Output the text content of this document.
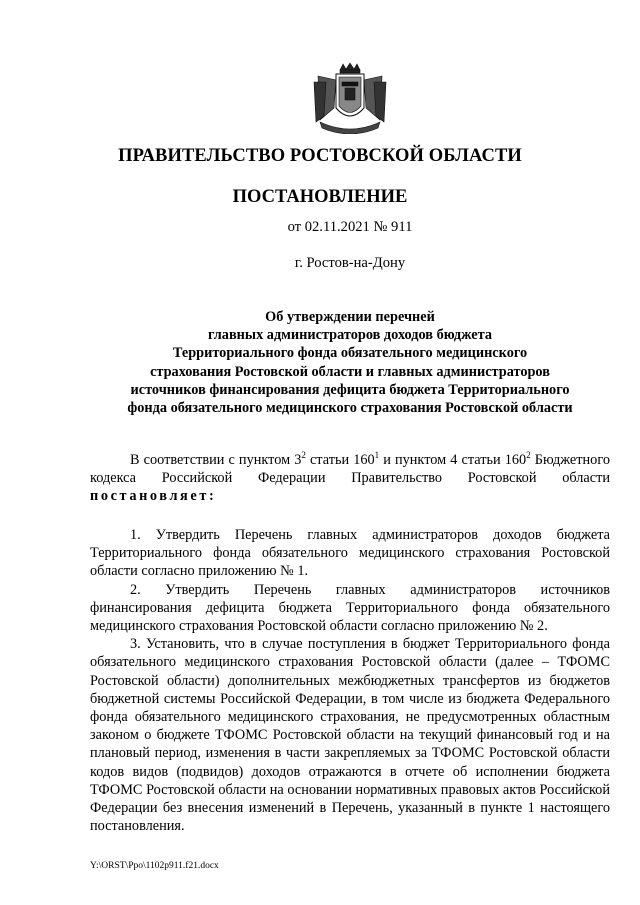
ПРАВИТЕЛЬСТВО РОСТОВСКОЙ ОБЛАСТИ
ПОСТАНОВЛЕНИЕ
от 02.11.2021 № 911
г. Ростов-на-Дону
Об утверждении перечней
главных администраторов доходов бюджета
Территориального фонда обязательного медицинского
страхования Ростовской области и главных администраторов
источников финансирования дефицита бюджета Территориального
фонда обязательного медицинского страхования Ростовской области

В соответствии с пунктом $3^2$ статьи $160^1$ и пунктом 4 статьи $160^2$ Бюджетного кодекса Российской Федерации Правительство Ростовской области постановляет:

1. Утвердить Перечень главных администраторов доходов бюджета Территориального фонда обязательного медицинского страхования Ростовской области согласно приложению № 1.

2. Утвердить Перечень главных администраторов источников финансирования дефицита бюджета Территориального фонда обязательного медицинского страхования Ростовской области согласно приложению № 2.

3. Установить, что в случае поступления в бюджет Территориального фонда обязательного медицинского страхования Ростовской области (далее – ТФОМС Ростовской области) дополнительных межбюджетных трансфертов из бюджетов бюджетной системы Российской Федерации, в том числе из бюджета Федерального фонда обязательного медицинского страхования, не предусмотренных областным законом о бюджете ТФОМС Ростовской области на текущий финансовый год и на плановый период, изменения в части закрепляемых за ТФОМС Ростовской области кодов видов (подвидов) доходов отражаются в отчете об исполнении бюджета ТФОМС Ростовской области на основании нормативных правовых актов Российской Федерации без внесения изменений в Перечень, указанный в пункте 1 настоящего постановления.

Y:\ORST\Ppo\1102p911.f21.docx
